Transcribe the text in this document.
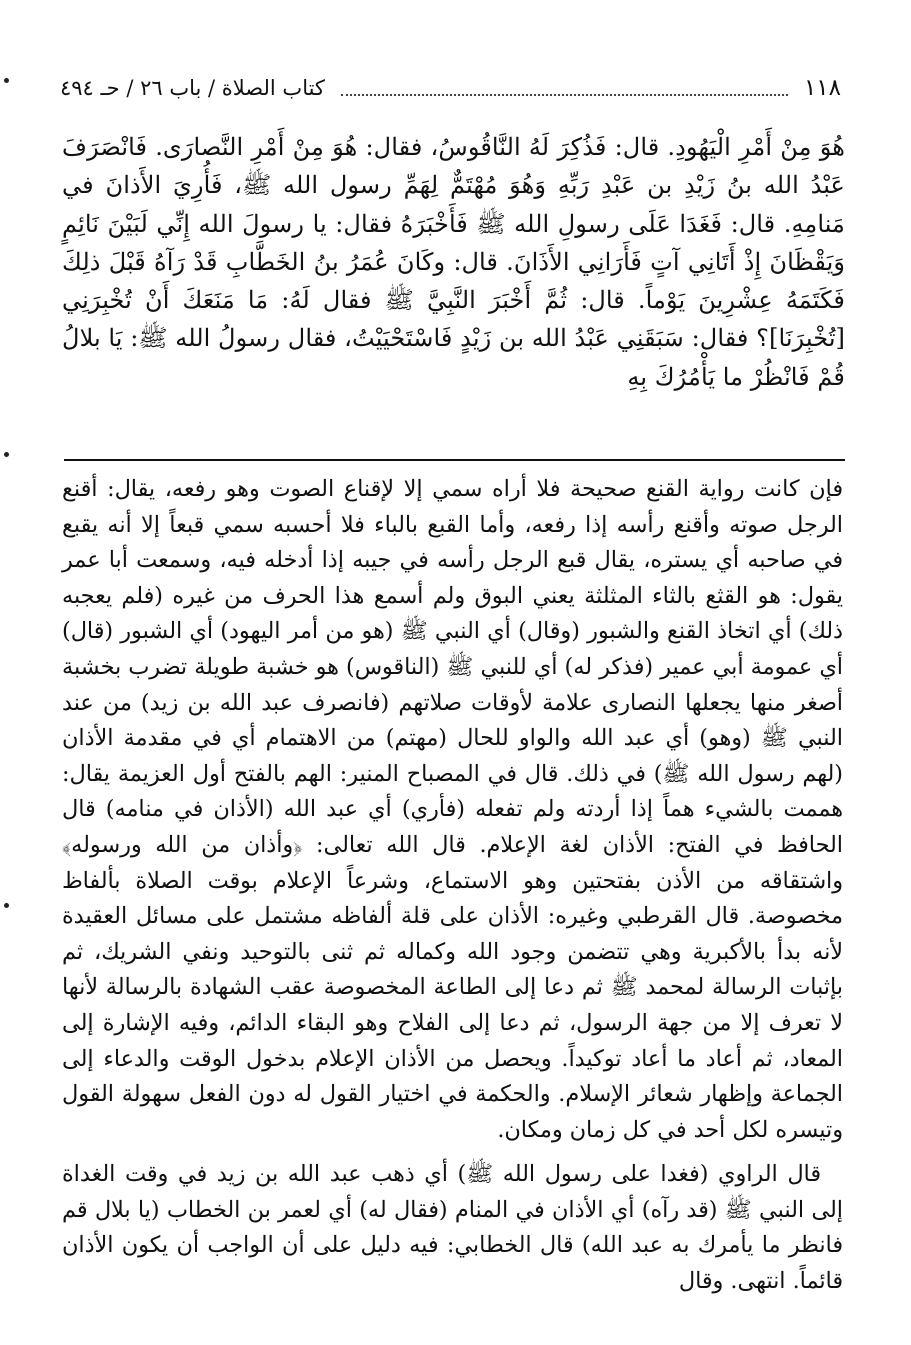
١١٨
كتاب الصلاة / باب ٢٦ / حـ ٤٩٤

هُوَ مِنْ أَمْرِ الْيَهُودِ. قال: فَذُكِرَ لَهُ النَّاقُوسُ، فقال: هُوَ مِنْ أَمْرِ النَّصارَى. فَانْصَرَفَ عَبْدُ الله بنُ زَيْدِ بن عَبْدِ رَبِّهِ وَهُوَ مُهْتَمٌّ لِهَمِّ رسول الله ﷺ، فَأُرِيَ الأَذانَ في مَنامِهِ. قال: فَغَدَا عَلَى رسولِ الله ﷺ فَأَخْبَرَهُ فقال: يا رسولَ الله إِنِّي لَبَيْنَ نَائِمٍ وَيَقْظَانَ إِذْ أَتَانِي آتٍ فَأَرَانِي الأَذَانَ. قال: وكَانَ عُمَرُ بنُ الخَطَّابِ قَدْ رَآهُ قَبْلَ ذلِكَ فَكَتَمَهُ عِشْرِينَ يَوْماً. قال: ثُمَّ أَخْبَرَ النَّبِيَّ ﷺ فقال لَهُ: مَا مَنَعَكَ أَنْ تُخْبِرَنِي [تُخْبِرَنَا]؟ فقال: سَبَقَنِي عَبْدُ الله بن زَيْدٍ فَاسْتَحْيَيْتُ، فقال رسولُ الله ﷺ: يَا بلالُ قُمْ فَانْظُرْ ما يَأْمُرُكَ بِهِ

فإن كانت رواية القنع صحيحة فلا أراه سمي إلا لإقناع الصوت وهو رفعه، يقال: أقنع الرجل صوته وأقنع رأسه إذا رفعه، وأما القبع بالباء فلا أحسبه سمي قبعاً إلا أنه يقبع في صاحبه أي يستره، يقال قبع الرجل رأسه في جيبه إذا أدخله فيه، وسمعت أبا عمر يقول: هو القثع بالثاء المثلثة يعني البوق ولم أسمع هذا الحرف من غيره (فلم يعجبه ذلك) أي اتخاذ القنع والشبور (وقال) أي النبي ﷺ (هو من أمر اليهود) أي الشبور (قال) أي عمومة أبي عمير (فذكر له) أي للنبي ﷺ (الناقوس) هو خشبة طويلة تضرب بخشبة أصغر منها يجعلها النصارى علامة لأوقات صلاتهم (فانصرف عبد الله بن زيد) من عند النبي ﷺ (وهو) أي عبد الله والواو للحال (مهتم) من الاهتمام أي في مقدمة الأذان (لهم رسول الله ﷺ) في ذلك. قال في المصباح المنير: الهم بالفتح أول العزيمة يقال: هممت بالشيء هماً إذا أردته ولم تفعله (فأري) أي عبد الله (الأذان في منامه) قال الحافظ في الفتح: الأذان لغة الإعلام. قال الله تعالى: ﴿وأذان من الله ورسوله﴾ واشتقاقه من الأذن بفتحتين وهو الاستماع، وشرعاً الإعلام بوقت الصلاة بألفاظ مخصوصة. قال القرطبي وغيره: الأذان على قلة ألفاظه مشتمل على مسائل العقيدة لأنه بدأ بالأكبرية وهي تتضمن وجود الله وكماله ثم ثنى بالتوحيد ونفي الشريك، ثم بإثبات الرسالة لمحمد ﷺ ثم دعا إلى الطاعة المخصوصة عقب الشهادة بالرسالة لأنها لا تعرف إلا من جهة الرسول، ثم دعا إلى الفلاح وهو البقاء الدائم، وفيه الإشارة إلى المعاد، ثم أعاد ما أعاد توكيداً. ويحصل من الأذان الإعلام بدخول الوقت والدعاء إلى الجماعة وإظهار شعائر الإسلام. والحكمة في اختيار القول له دون الفعل سهولة القول وتيسره لكل أحد في كل زمان ومكان.

قال الراوي (فغدا على رسول الله ﷺ) أي ذهب عبد الله بن زيد في وقت الغداة إلى النبي ﷺ (قد رآه) أي الأذان في المنام (فقال له) أي لعمر بن الخطاب (يا بلال قم فانظر ما يأمرك به عبد الله) قال الخطابي: فيه دليل على أن الواجب أن يكون الأذان قائماً. انتهى. وقال
